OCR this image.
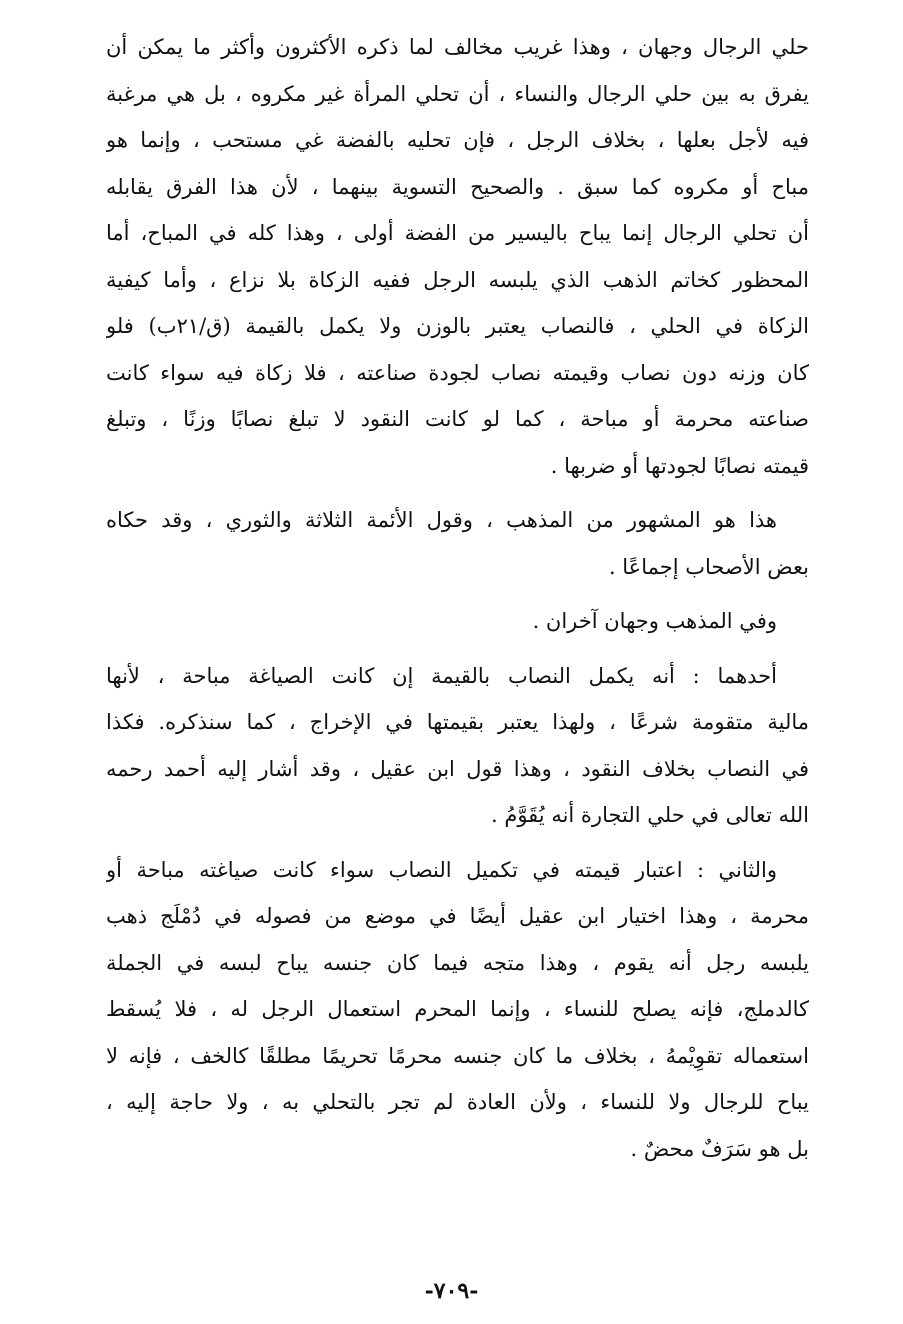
حلي الرجال وجهان ، وهذا غريب مخالف لما ذكره الأكثرون وأكثر ما يمكن أن
يفرق به بين حلي الرجال والنساء ، أن تحلي المرأة غير مكروه ، بل هي مرغبة
فيه لأجل بعلها ، بخلاف الرجل ، فإن تحليه بالفضة غي مستحب ، وإنما هو
مباح أو مكروه كما سبق . والصحيح التسوية بينهما ، لأن هذا الفرق يقابله
أن تحلي الرجال إنما يباح باليسير من الفضة أولى ، وهذا كله في المباح، أما
المحظور كخاتم الذهب الذي يلبسه الرجل ففيه الزكاة بلا نزاع ، وأما كيفية
الزكاة في الحلي ، فالنصاب يعتبر بالوزن ولا يكمل بالقيمة (ق/٢١ب) فلو
كان وزنه دون نصاب وقيمته نصاب لجودة صناعته ، فلا زكاة فيه سواء كانت
صناعته محرمة أو مباحة ، كما لو كانت النقود لا تبلغ نصابًا وزنًا ، وتبلغ
قيمته نصابًا لجودتها أو ضربها .

هذا هو المشهور من المذهب ، وقول الأئمة الثلاثة والثوري ، وقد حكاه
بعض الأصحاب إجماعًا .

وفي المذهب وجهان آخران .

أحدهما : أنه يكمل النصاب بالقيمة إن كانت الصياغة مباحة ، لأنها
مالية متقومة شرعًا ، ولهذا يعتبر بقيمتها في الإخراج ، كما سنذكره. فكذا
في النصاب بخلاف النقود ، وهذا قول ابن عقيل ، وقد أشار إليه أحمد رحمه
الله تعالى في حلي التجارة أنه يُقَوَّمُ .

والثاني : اعتبار قيمته في تكميل النصاب سواء كانت صياغته مباحة أو
محرمة ، وهذا اختيار ابن عقيل أيضًا في موضع من فصوله في دُمْلَج ذهب
يلبسه رجل أنه يقوم ، وهذا متجه فيما كان جنسه يباح لبسه في الجملة
كالدملج، فإنه يصلح للنساء ، وإنما المحرم استعمال الرجل له ، فلا يُسقط
استعماله تقوِيْمهُ ، بخلاف ما كان جنسه محرمًا تحريمًا مطلقًا كالخف ، فإنه لا
يباح للرجال ولا للنساء ، ولأن العادة لم تجر بالتحلي به ، ولا حاجة إليه ،
بل هو سَرَفٌ محضٌ .

-٧٠٩-
